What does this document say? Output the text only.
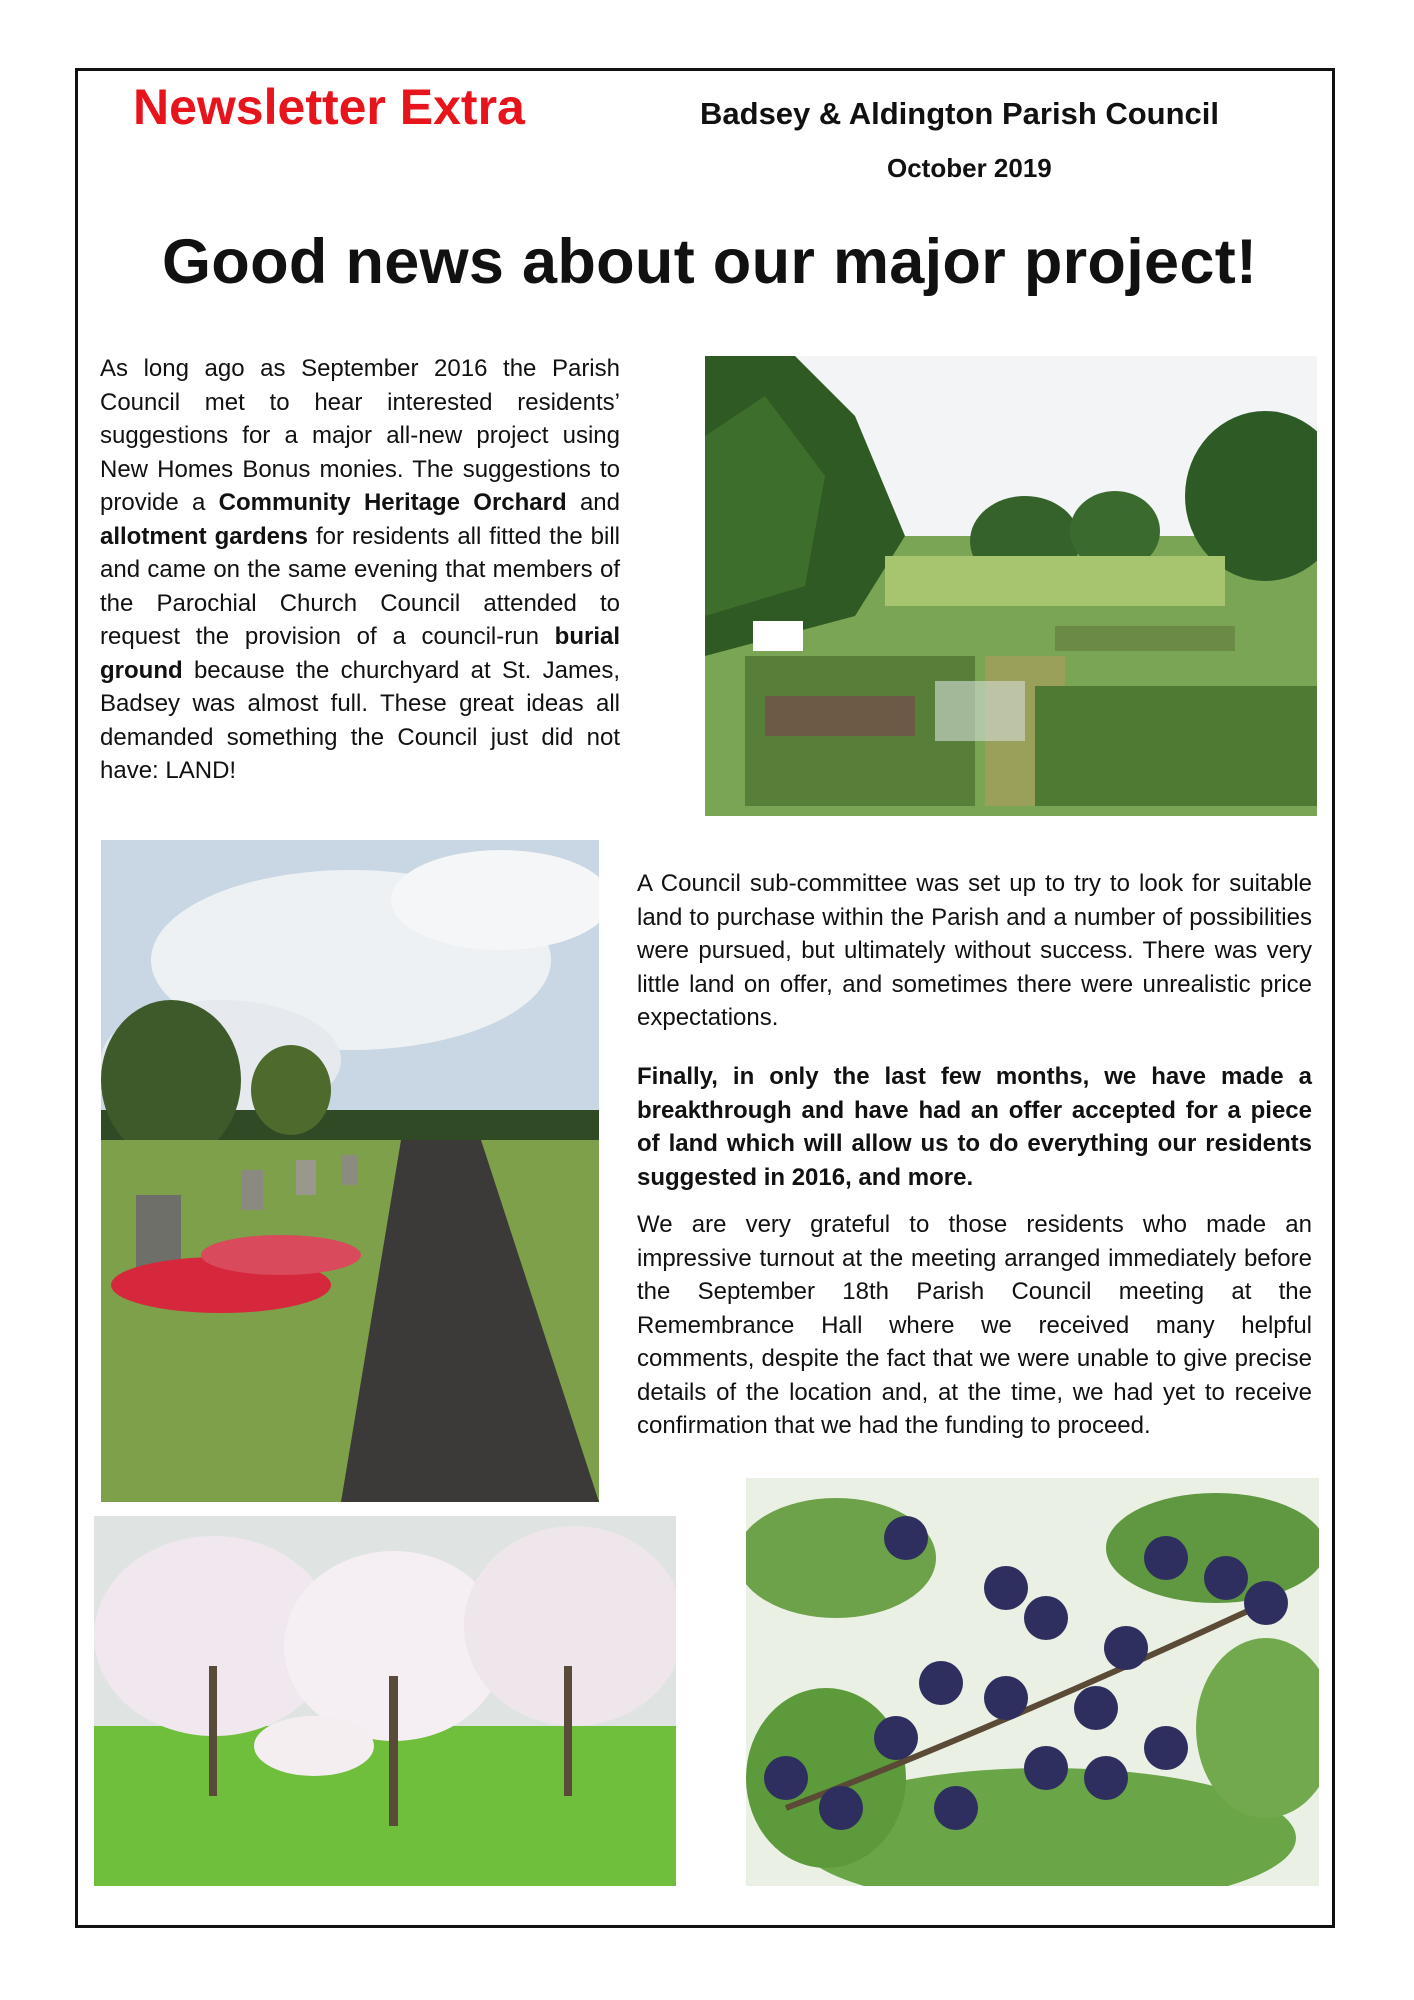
Newsletter Extra	Badsey & Aldington Parish Council
October 2019
Good news about our major project!

As long ago as September 2016 the Parish Council met to hear interested residents’ suggestions for a major all-new project using New Homes Bonus monies. The suggestions to provide a Community Heritage Orchard and allotment gardens for residents all fitted the bill and came on the same evening that members of the Parochial Church Council attended to request the provision of a council-run burial ground because the churchyard at St. James, Badsey was almost full. These great ideas all demanded something the Council just did not have: LAND!

A Council sub-committee was set up to try to look for suitable land to purchase within the Parish and a number of possibilities were pursued, but ultimately without success. There was very little land on offer, and sometimes there were unrealistic price expectations.

Finally, in only the last few months, we have made a breakthrough and have had an offer accepted for a piece of land which will allow us to do everything our residents suggested in 2016, and more.

We are very grateful to those residents who made an impressive turnout at the meeting arranged immediately before the September 18th Parish Council meeting at the Remembrance Hall where we received many helpful comments, despite the fact that we were unable to give precise details of the location and, at the time, we had yet to receive confirmation that we had the funding to proceed.
